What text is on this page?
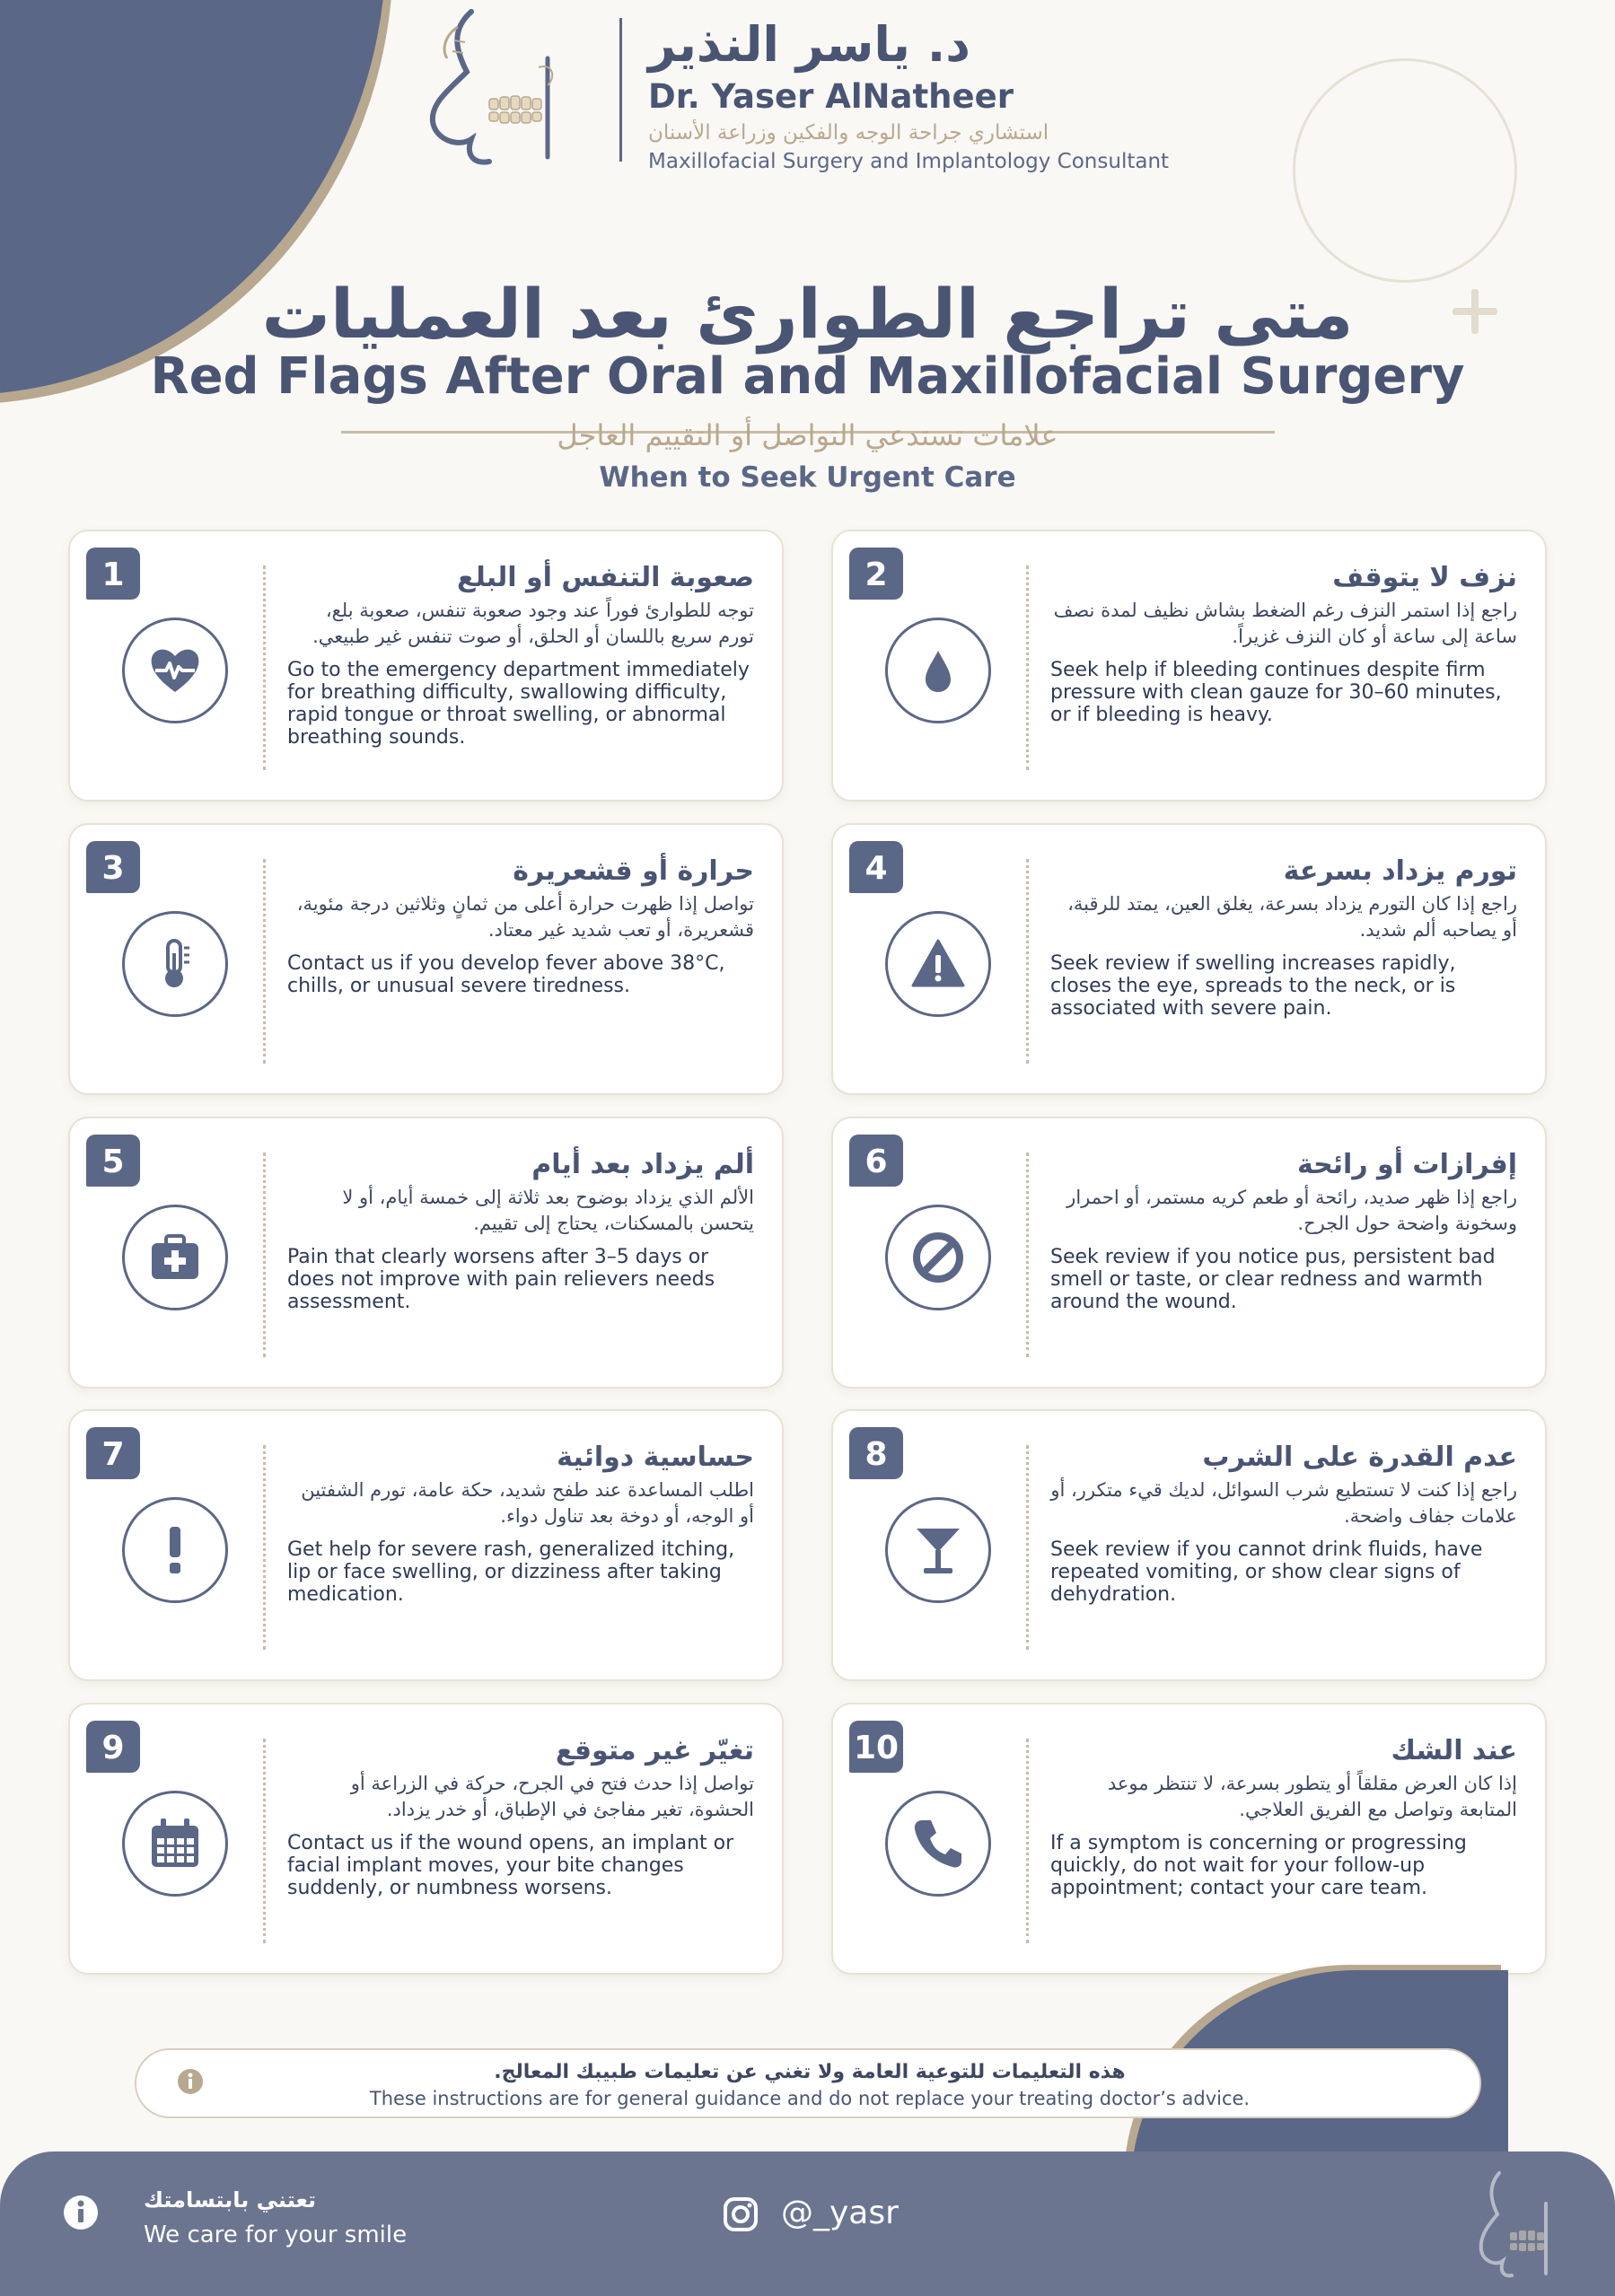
د. ياسر النذير
Dr. Yaser AlNatheer
استشاري جراحة الوجه والفكين وزراعة الأسنان
Maxillofacial Surgery and Implantology Consultant
متى تراجع الطوارئ بعد العمليات
Red Flags After Oral and Maxillofacial Surgery
علامات تستدعي التواصل أو التقييم العاجل
When to Seek Urgent Care
1	صعوبة التنفس أو البلع
توجه للطوارئ فوراً عند وجود صعوبة تنفس، صعوبة بلع، تورم سريع باللسان أو الحلق، أو صوت تنفس غير طبيعي.
Go to the emergency department immediately for breathing difficulty, swallowing difficulty, rapid tongue or throat swelling, or abnormal breathing sounds.
2	نزف لا يتوقف
راجع إذا استمر النزف رغم الضغط بشاش نظيف لمدة نصف ساعة إلى ساعة أو كان النزف غزيراً.
Seek help if bleeding continues despite firm pressure with clean gauze for 30–60 minutes, or if bleeding is heavy.
3	حرارة أو قشعريرة
تواصل إذا ظهرت حرارة أعلى من ثمانٍ وثلاثين درجة مئوية، قشعريرة، أو تعب شديد غير معتاد.
Contact us if you develop fever above 38°C, chills, or unusual severe tiredness.
4	تورم يزداد بسرعة
راجع إذا كان التورم يزداد بسرعة، يغلق العين، يمتد للرقبة، أو يصاحبه ألم شديد.
Seek review if swelling increases rapidly, closes the eye, spreads to the neck, or is associated with severe pain.
5	ألم يزداد بعد أيام
الألم الذي يزداد بوضوح بعد ثلاثة إلى خمسة أيام، أو لا يتحسن بالمسكنات، يحتاج إلى تقييم.
Pain that clearly worsens after 3–5 days or does not improve with pain relievers needs assessment.
6	إفرازات أو رائحة
راجع إذا ظهر صديد، رائحة أو طعم كريه مستمر، أو احمرار وسخونة واضحة حول الجرح.
Seek review if you notice pus, persistent bad smell or taste, or clear redness and warmth around the wound.
7	حساسية دوائية
اطلب المساعدة عند طفح شديد، حكة عامة، تورم الشفتين أو الوجه، أو دوخة بعد تناول دواء.
Get help for severe rash, generalized itching, lip or face swelling, or dizziness after taking medication.
8	عدم القدرة على الشرب
راجع إذا كنت لا تستطيع شرب السوائل، لديك قيء متكرر، أو علامات جفاف واضحة.
Seek review if you cannot drink fluids, have repeated vomiting, or show clear signs of dehydration.
9	تغيّر غير متوقع
تواصل إذا حدث فتح في الجرح، حركة في الزراعة أو الحشوة، تغير مفاجئ في الإطباق، أو خدر يزداد.
Contact us if the wound opens, an implant or facial implant moves, your bite changes suddenly, or numbness worsens.
10	عند الشك
إذا كان العرض مقلقاً أو يتطور بسرعة، لا تنتظر موعد المتابعة وتواصل مع الفريق العلاجي.
If a symptom is concerning or progressing quickly, do not wait for your follow-up appointment; contact your care team.
هذه التعليمات للتوعية العامة ولا تغني عن تعليمات طبيبك المعالج.
These instructions are for general guidance and do not replace your treating doctor’s advice.
تعتني بابتسامتك
We care for your smile
@_yasr
